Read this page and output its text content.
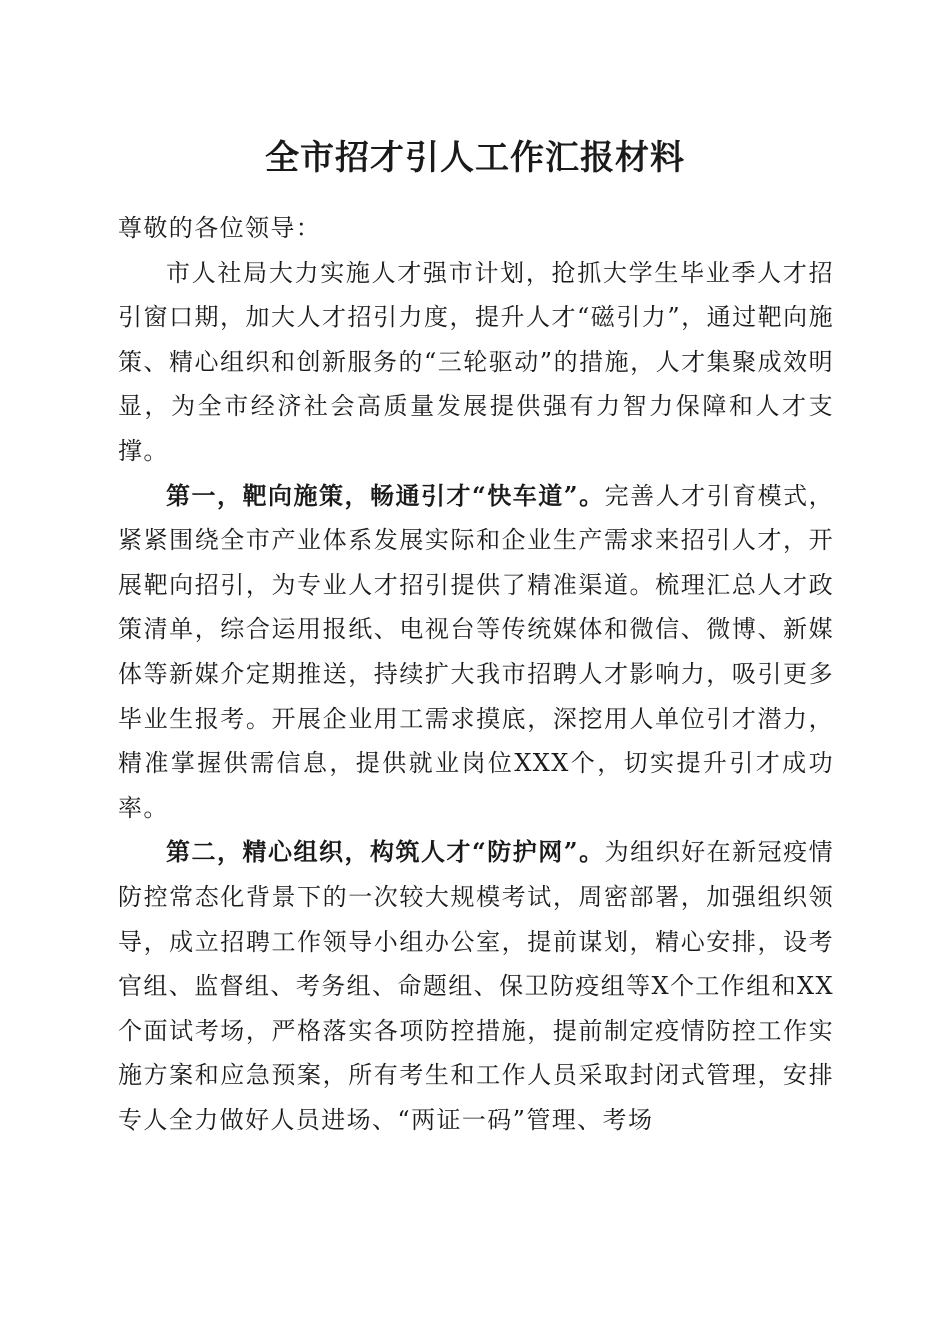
全市招才引人工作汇报材料

尊敬的各位领导：

市人社局大力实施人才强市计划，抢抓大学生毕业季人才招引窗口期，加大人才招引力度，提升人才“磁引力”，通过靶向施策、精心组织和创新服务的“三轮驱动”的措施，人才集聚成效明显，为全市经济社会高质量发展提供强有力智力保障和人才支撑。

第一，靶向施策，畅通引才“快车道”。完善人才引育模式，紧紧围绕全市产业体系发展实际和企业生产需求来招引人才，开展靶向招引，为专业人才招引提供了精准渠道。梳理汇总人才政策清单，综合运用报纸、电视台等传统媒体和微信、微博、新媒体等新媒介定期推送，持续扩大我市招聘人才影响力，吸引更多毕业生报考。开展企业用工需求摸底，深挖用人单位引才潜力，精准掌握供需信息，提供就业岗位XXX个，切实提升引才成功率。

第二，精心组织，构筑人才“防护网”。为组织好在新冠疫情防控常态化背景下的一次较大规模考试，周密部署，加强组织领导，成立招聘工作领导小组办公室，提前谋划，精心安排，设考官组、监督组、考务组、命题组、保卫防疫组等X个工作组和XX个面试考场，严格落实各项防控措施，提前制定疫情防控工作实施方案和应急预案，所有考生和工作人员采取封闭式管理，安排专人全力做好人员进场、“两证一码”管理、考场
